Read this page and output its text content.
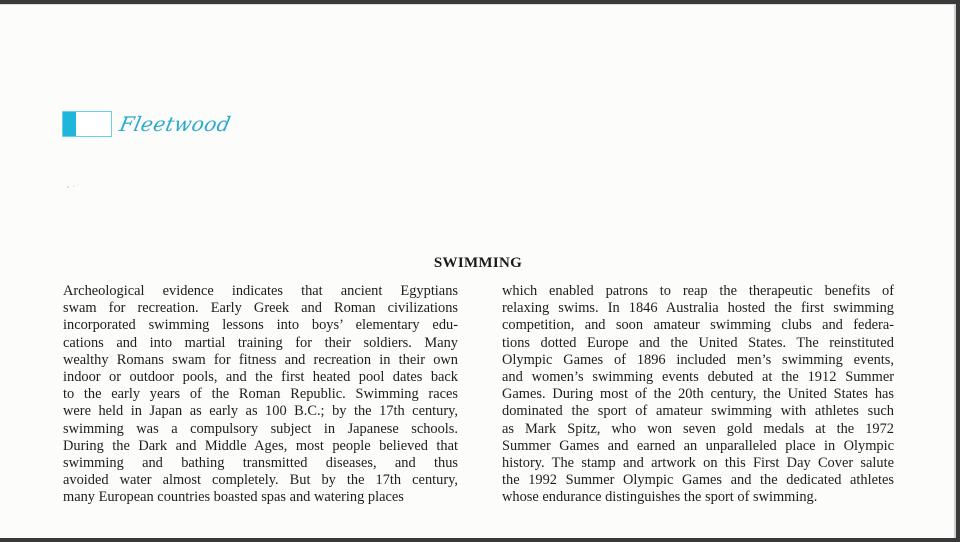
Fleetwood
SWIMMING
Archeological evidence indicates that ancient Egyptians
swam for recreation. Early Greek and Roman civilizations
incorporated swimming lessons into boys’ elementary edu-
cations and into martial training for their soldiers. Many
wealthy Romans swam for fitness and recreation in their own
indoor or outdoor pools, and the first heated pool dates back
to the early years of the Roman Republic. Swimming races
were held in Japan as early as 100 B.C.; by the 17th century,
swimming was a compulsory subject in Japanese schools.
During the Dark and Middle Ages, most people believed that
swimming and bathing transmitted diseases, and thus
avoided water almost completely. But by the 17th century,
many European countries boasted spas and watering places
which enabled patrons to reap the therapeutic benefits of
relaxing swims. In 1846 Australia hosted the first swimming
competition, and soon amateur swimming clubs and federa-
tions dotted Europe and the United States. The reinstituted
Olympic Games of 1896 included men’s swimming events,
and women’s swimming events debuted at the 1912 Summer
Games. During most of the 20th century, the United States has
dominated the sport of amateur swimming with athletes such
as Mark Spitz, who won seven gold medals at the 1972
Summer Games and earned an unparalleled place in Olympic
history. The stamp and artwork on this First Day Cover salute
the 1992 Summer Olympic Games and the dedicated athletes
whose endurance distinguishes the sport of swimming.
